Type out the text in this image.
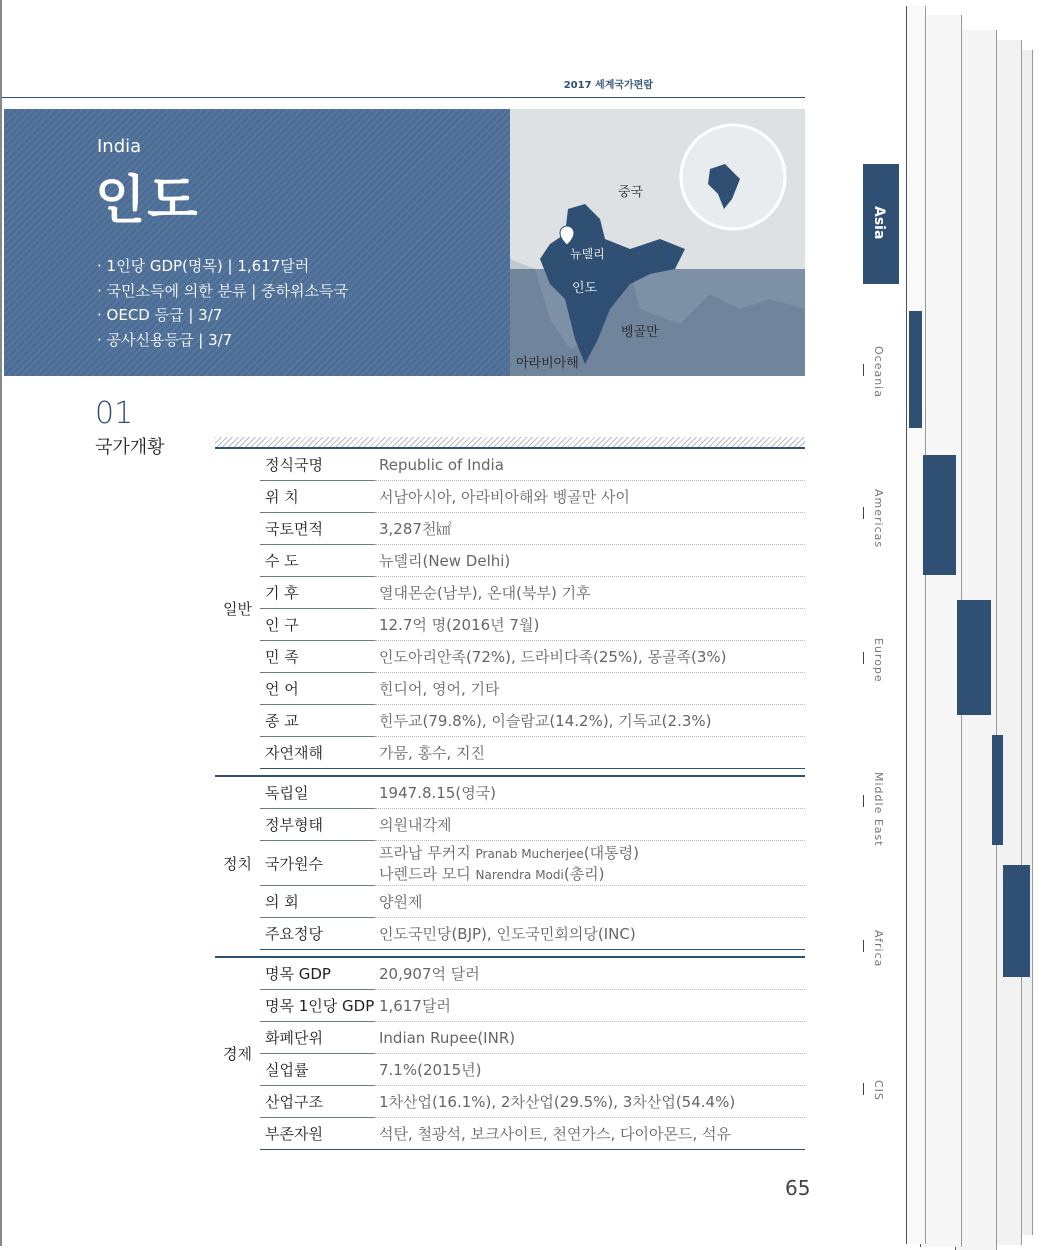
2017 세계국가편람
India
인도
· 1인당 GDP(명목) | 1,617달러
· 국민소득에 의한 분류 | 중하위소득국
· OECD 등급 | 3/7
· 공사신용등급 | 3/7
중국
뉴델리
인도
벵골만
아라비아해
01
국가개황
일반	정식국명	Republic of India
	위 치	서남아시아, 아라비아해와 벵골만 사이
	국토면적	3,287천㎢
	수 도	뉴델리(New Delhi)
	기 후	열대몬순(남부), 온대(북부) 기후
	인 구	12.7억 명(2016년 7월)
	민 족	인도아리안족(72%), 드라비다족(25%), 몽골족(3%)
	언 어	힌디어, 영어, 기타
	종 교	힌두교(79.8%), 이슬람교(14.2%), 기독교(2.3%)
	자연재해	가뭄, 홍수, 지진

정치	독립일	1947.8.15(영국)
	정부형태	의원내각제
	국가원수	프라납 무커지 Pranab Mucherjee(대통령)
나렌드라 모디 Narendra Modi(총리)

	의 회	양원제
	주요정당	인도국민당(BJP), 인도국민회의당(INC)

경제	명목 GDP	20,907억 달러
	명목 1인당 GDP	1,617달러
	화폐단위	Indian Rupee(INR)
	실업률	7.1%(2015년)
	산업구조	1차산업(16.1%), 2차산업(29.5%), 3차산업(54.4%)
	부존자원	석탄, 철광석, 보크사이트, 천연가스, 다이아몬드, 석유
65
Asia
Oceania
Americas
Europe
Middle East
Africa
CIS
